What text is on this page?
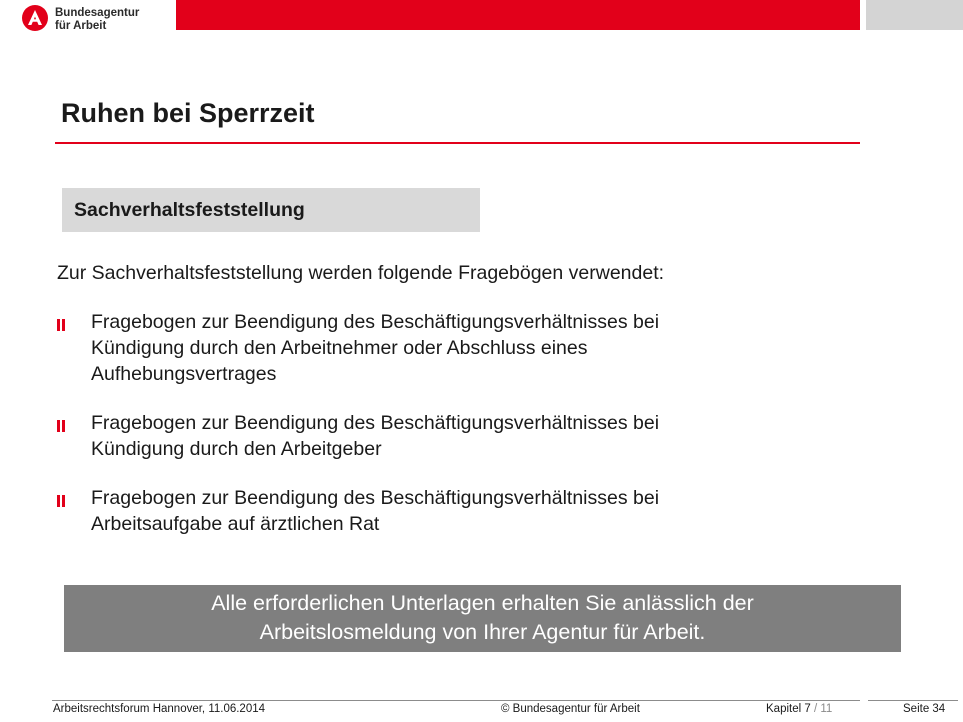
Bundesagentur
für Arbeit
Ruhen bei Sperrzeit
Sachverhaltsfeststellung

Zur Sachverhaltsfeststellung werden folgende Fragebögen verwendet:

Fragebogen zur Beendigung des Beschäftigungsverhältnisses bei
Kündigung durch den Arbeitnehmer oder Abschluss eines
Aufhebungsvertrages
Fragebogen zur Beendigung des Beschäftigungsverhältnisses bei
Kündigung durch den Arbeitgeber
Fragebogen zur Beendigung des Beschäftigungsverhältnisses bei
Arbeitsaufgabe auf ärztlichen Rat
Alle erforderlichen Unterlagen erhalten Sie anlässlich der
Arbeitslosmeldung von Ihrer Agentur für Arbeit.
Arbeitsrechtsforum Hannover, 11.06.2014	© Bundesagentur für Arbeit	Kapitel 7 / 11	Seite 34
